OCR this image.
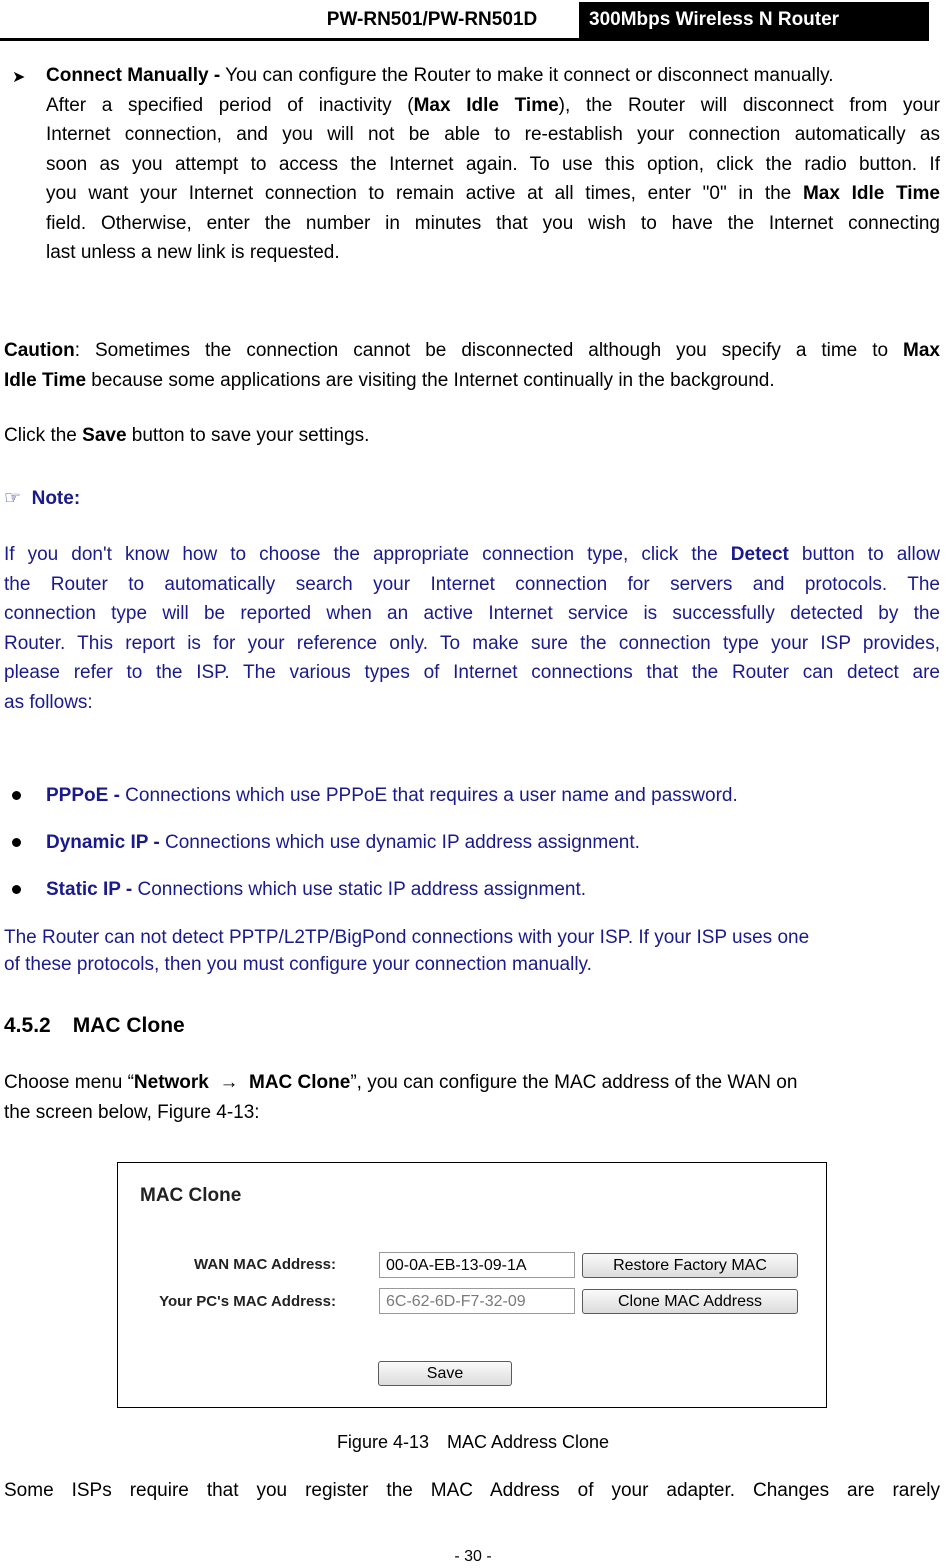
PW-RN501/PW-RN501D	300Mbps Wireless N Router
➤ Connect Manually - You can configure the Router to make it connect or disconnect manually.
After a specified period of inactivity (Max Idle Time), the Router will disconnect from your
Internet connection, and you will not be able to re-establish your connection automatically as
soon as you attempt to access the Internet again. To use this option, click the radio button. If
you want your Internet connection to remain active at all times, enter "0" in the Max Idle Time
field. Otherwise, enter the number in minutes that you wish to have the Internet connecting
last unless a new link is requested.
Caution: Sometimes the connection cannot be disconnected although you specify a time to Max
Idle Time because some applications are visiting the Internet continually in the background.
Click the Save button to save your settings.
☞ Note:
If you don't know how to choose the appropriate connection type, click the Detect button to allow
the Router to automatically search your Internet connection for servers and protocols. The
connection type will be reported when an active Internet service is successfully detected by the
Router. This report is for your reference only. To make sure the connection type your ISP provides,
please refer to the ISP. The various types of Internet connections that the Router can detect are
as follows:
PPPoE - Connections which use PPPoE that requires a user name and password.
Dynamic IP - Connections which use dynamic IP address assignment.
Static IP - Connections which use static IP address assignment.
The Router can not detect PPTP/L2TP/BigPond connections with your ISP. If your ISP uses one
of these protocols, then you must configure your connection manually.
4.5.2 MAC Clone
Choose menu “Network → MAC Clone”, you can configure the MAC address of the WAN on
the screen below, Figure 4-13:
MAC Clone
WAN MAC Address:	00-0A-EB-13-09-1A	Restore Factory MAC
Your PC's MAC Address:	6C-62-6D-F7-32-09	Clone MAC Address
Save
Figure 4-13 MAC Address Clone
Some ISPs require that you register the MAC Address of your adapter. Changes are rarely
- 30 -
